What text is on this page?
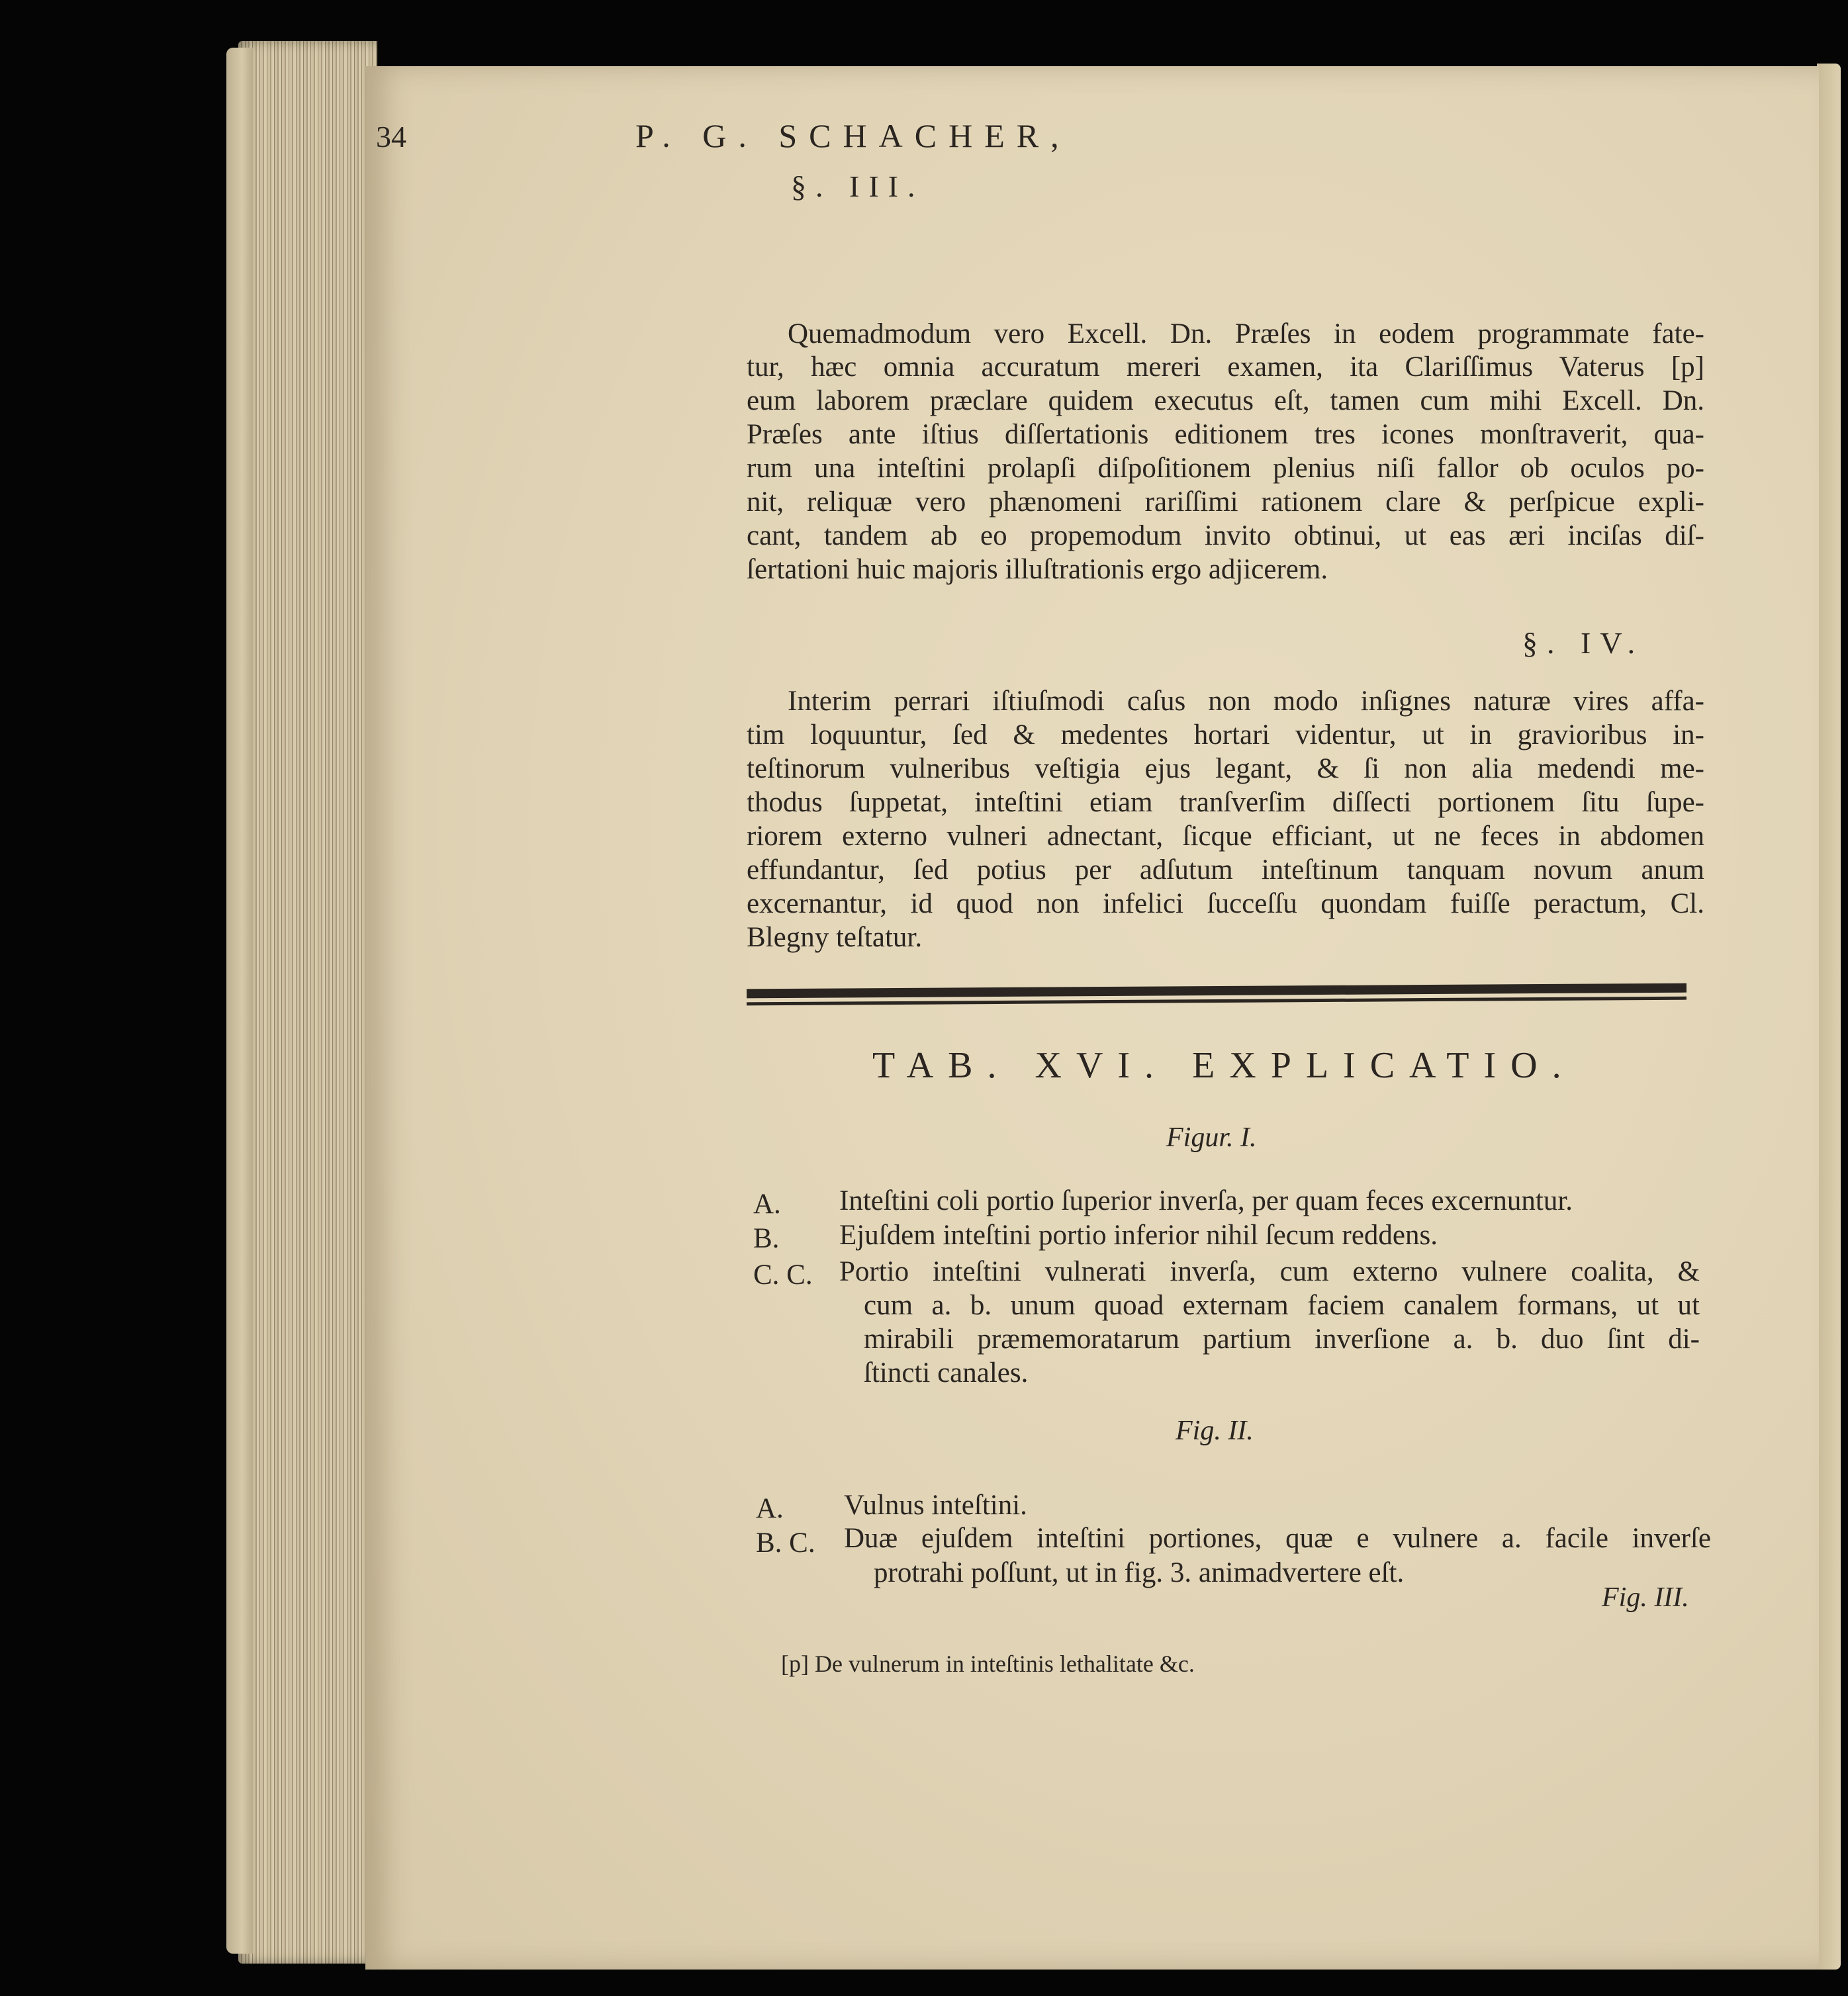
34	P. G. SCHACHER,
§. III.
Quemadmodum vero Excell. Dn. Præſes in eodem programmate fate-
tur, hæc omnia accuratum mereri examen, ita Clariſſimus Vaterus [p]
eum laborem præclare quidem executus eſt, tamen cum mihi Excell. Dn.
Præſes ante iſtius diſſertationis editionem tres icones monſtraverit, qua-
rum una inteſtini prolapſi diſpoſitionem plenius niſi fallor ob oculos po-
nit, reliquæ vero phænomeni rariſſimi rationem clare & perſpicue expli-
cant, tandem ab eo propemodum invito obtinui, ut eas æri inciſas diſ-
ſertationi huic majoris illuſtrationis ergo adjicerem.
§. IV.
Interim perrari iſtiuſmodi caſus non modo inſignes naturæ vires affa-
tim loquuntur, ſed & medentes hortari videntur, ut in gravioribus in-
teſtinorum vulneribus veſtigia ejus legant, & ſi non alia medendi me-
thodus ſuppetat, inteſtini etiam tranſverſim diſſecti portionem ſitu ſupe-
riorem externo vulneri adnectant, ſicque efficiant, ut ne feces in abdomen
effundantur, ſed potius per adſutum inteſtinum tanquam novum anum
excernantur, id quod non infelici ſucceſſu quondam fuiſſe peractum, Cl.
Blegny teſtatur.
TAB. XVI. EXPLICATIO.
Figur. I.
A. Inteſtini coli portio ſuperior inverſa, per quam feces excernuntur.
B. Ejuſdem inteſtini portio inferior nihil ſecum reddens.
C. C. Portio inteſtini vulnerati inverſa, cum externo vulnere coalita, &
cum a. b. unum quoad externam faciem canalem formans, ut ut
mirabili præmemoratarum partium inverſione a. b. duo ſint di-
ſtincti canales.
Fig. II.
A. Vulnus inteſtini.
B. C. Duæ ejuſdem inteſtini portiones, quæ e vulnere a. facile inverſe
protrahi poſſunt, ut in fig. 3. animadvertere eſt.
Fig. III.
[p] De vulnerum in inteſtinis lethalitate &c.
